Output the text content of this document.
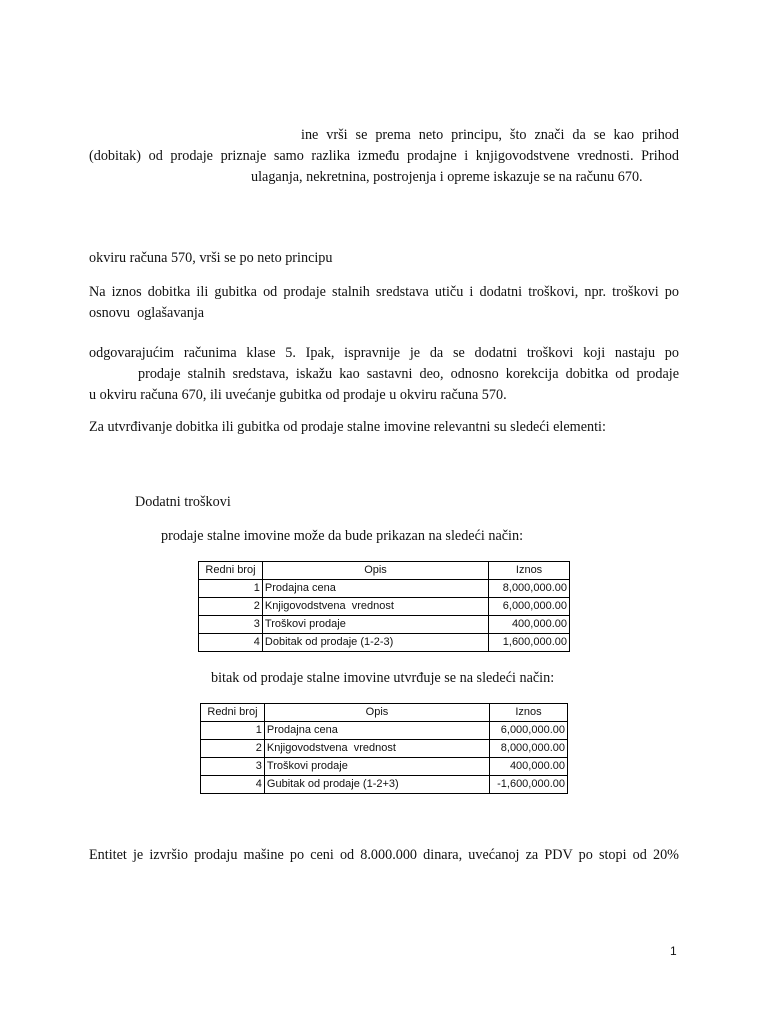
ine vrši se prema neto principu, što znači da se kao prihod
(dobitak) od prodaje priznaje samo razlika između prodajne i knjigovodstvene vrednosti. Prihod
ulaganja, nekretnina, postrojenja i opreme iskazuje se na računu 670.
okviru računa 570, vrši se po neto principu
Na iznos dobitka ili gubitka od prodaje stalnih sredstava utiču i dodatni troškovi, npr. troškovi po
osnovu  oglašavanja
odgovarajućim računima klase 5. Ipak, ispravnije je da se dodatni troškovi koji nastaju po
prodaje stalnih sredstava, iskažu kao sastavni deo, odnosno korekcija dobitka od prodaje
u okviru računa 670, ili uvećanje gubitka od prodaje u okviru računa 570.
Za utvrđivanje dobitka ili gubitka od prodaje stalne imovine relevantni su sledeći elementi:
Dodatni troškovi
prodaje stalne imovine može da bude prikazan na sledeći način:
Redni broj	Opis	Iznos
1	Prodajna cena	8,000,000.00
2	Knjigovodstvena  vrednost	6,000,000.00
3	Troškovi prodaje	400,000.00
4	Dobitak od prodaje (1-2-3)	1,600,000.00
bitak od prodaje stalne imovine utvrđuje se na sledeći način:
Redni broj	Opis	Iznos
1	Prodajna cena	6,000,000.00
2	Knjigovodstvena  vrednost	8,000,000.00
3	Troškovi prodaje	400,000.00
4	Gubitak od prodaje (1-2+3)	-1,600,000.00
Entitet je izvršio prodaju mašine po ceni od 8.000.000 dinara, uvećanoj za PDV po stopi od 20%
1
